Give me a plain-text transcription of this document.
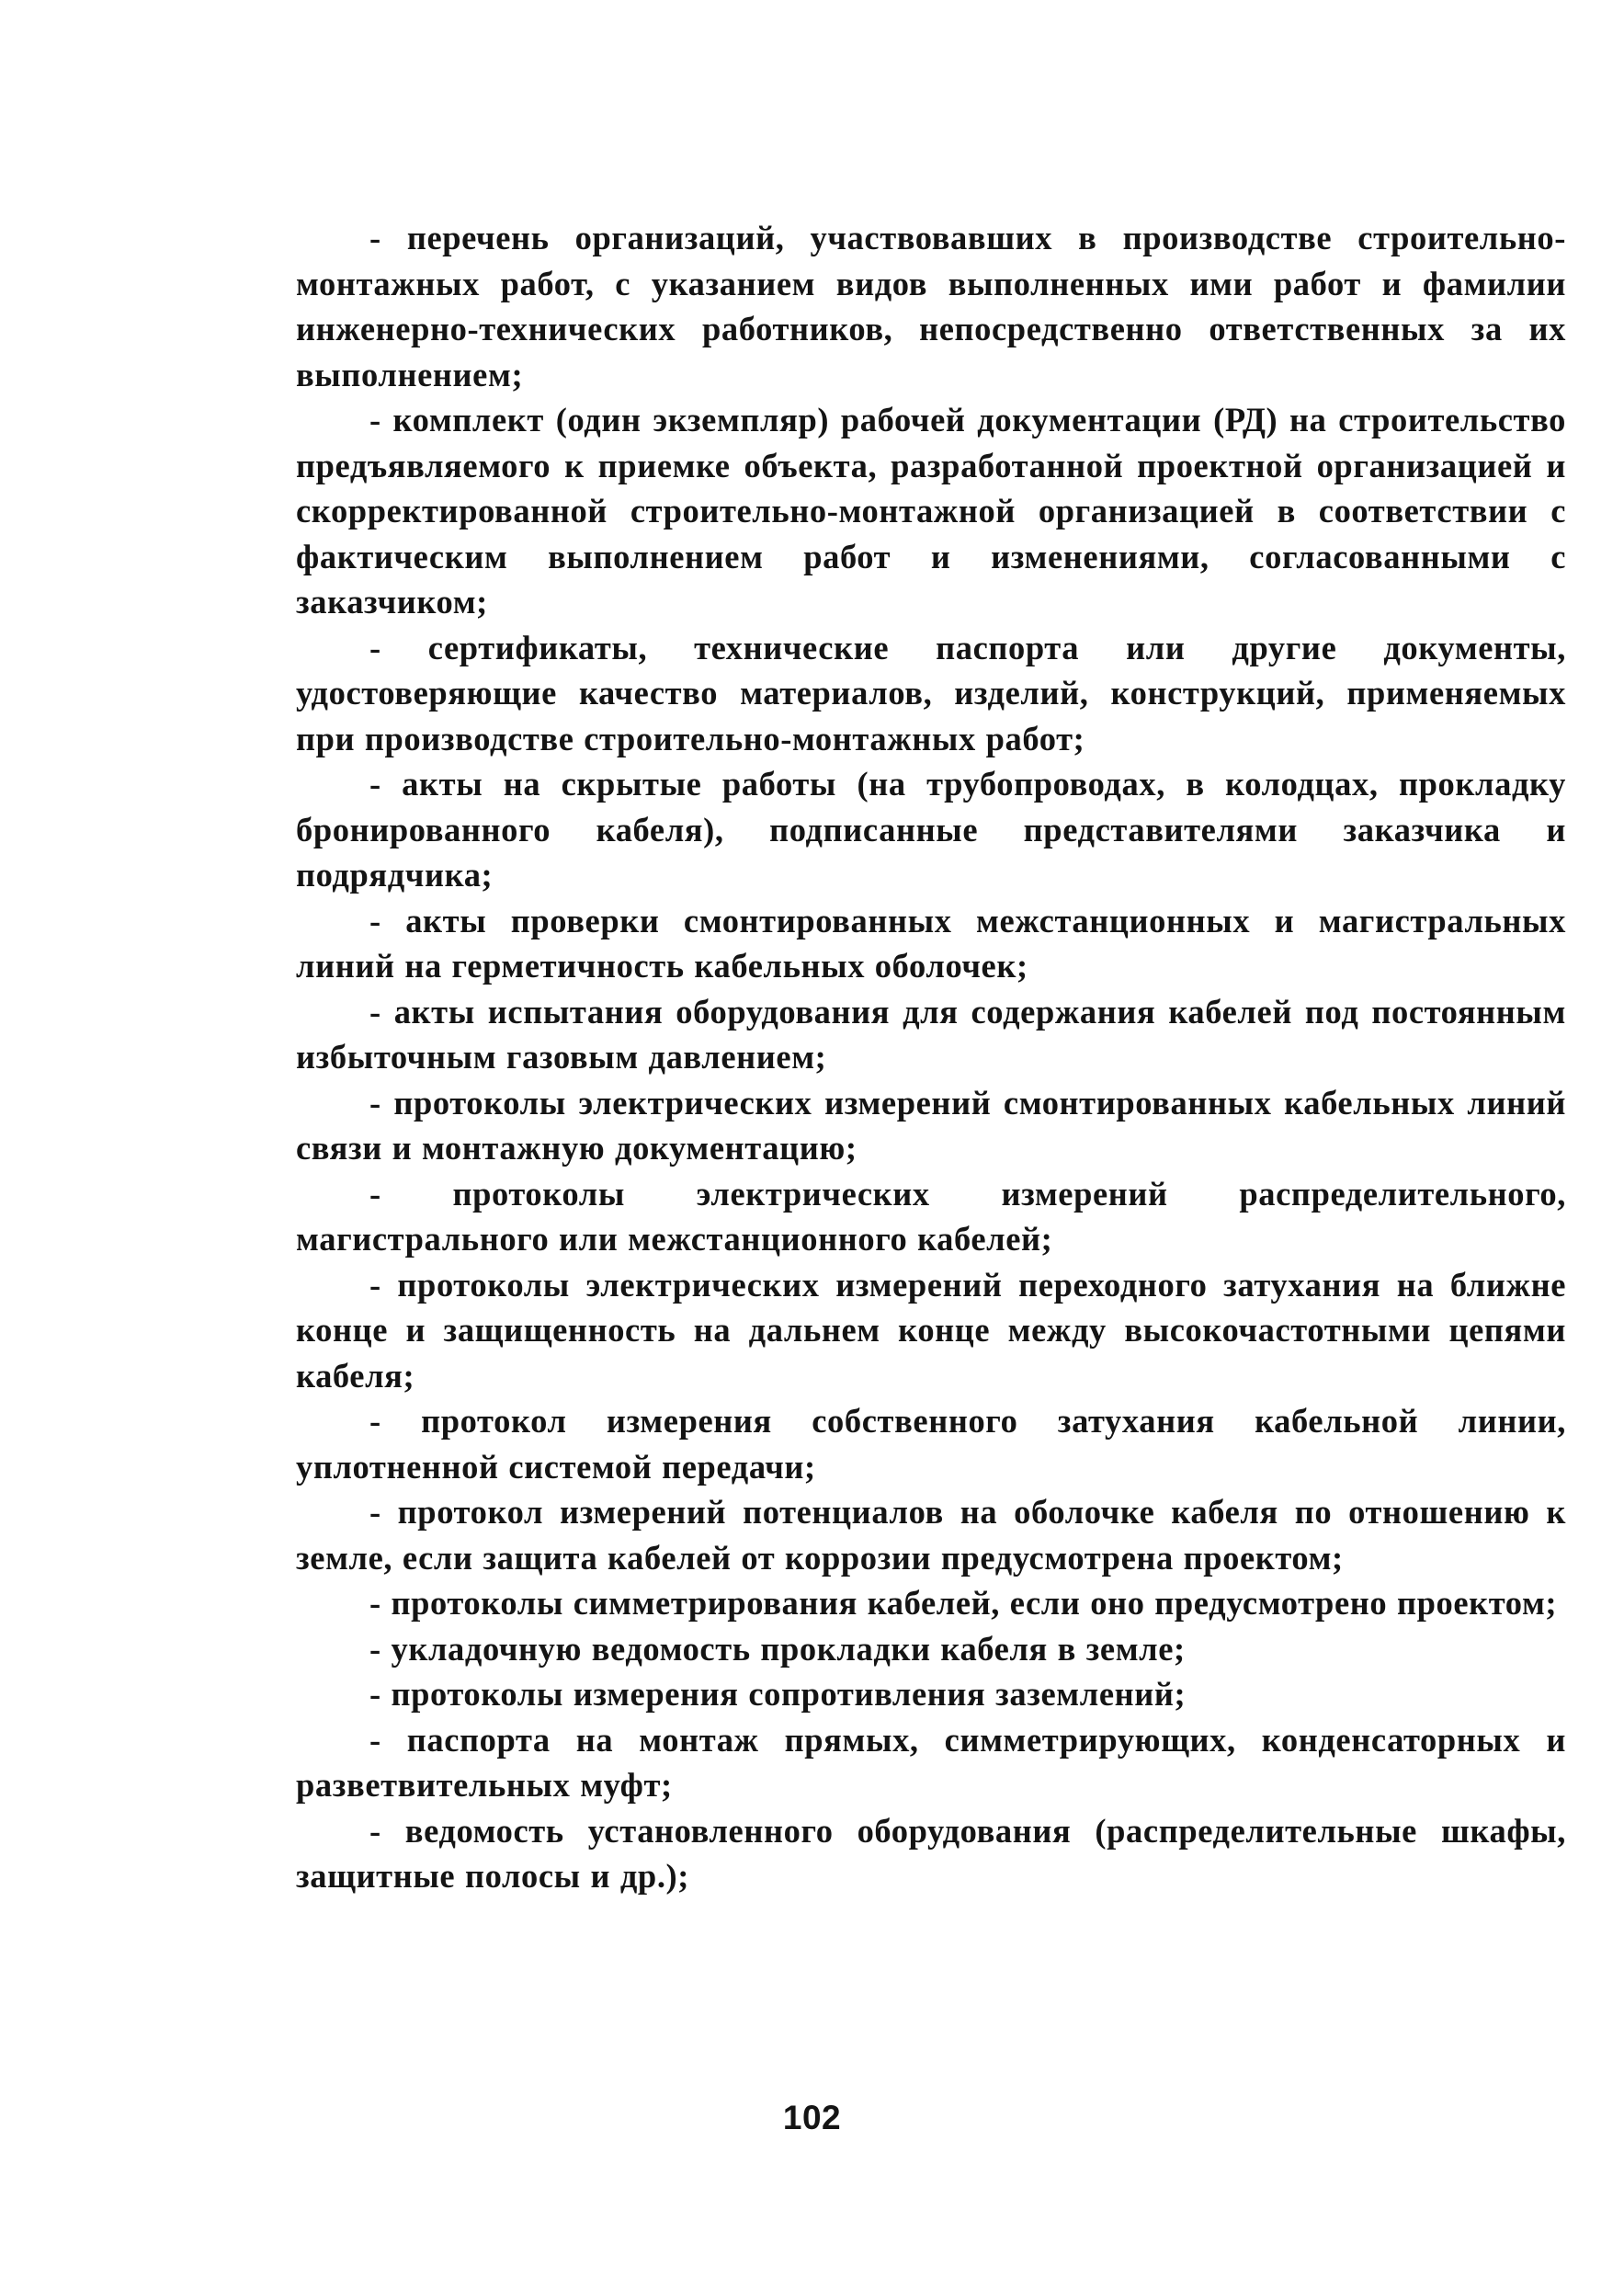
- перечень организаций, участвовавших в производстве строительно-монтажных работ, с указанием видов выполненных ими работ и фамилии инженерно-технических работников, непосредственно ответственных за их выполнением;

- комплект (один экземпляр) рабочей документации (РД) на строительство предъявляемого к приемке объекта, разработанной проектной организацией и скорректированной строительно-монтажной организацией в соответствии с фактическим выполнением работ и изменениями, согласованными с заказчиком;

- сертификаты, технические паспорта или другие документы, удостоверяющие качество материалов, изделий, конструкций, применяемых при производстве строительно-монтажных работ;

- акты на скрытые работы (на трубопроводах, в колодцах, прокладку бронированного кабеля), подписанные представителями заказчика и подрядчика;

- акты проверки смонтированных межстанционных и магистральных линий на герметичность кабельных оболочек;

- акты испытания оборудования для содержания кабелей под постоянным избыточным газовым давлением;

- протоколы электрических измерений смонтированных кабельных линий связи и монтажную документацию;

- протоколы электрических измерений распределительного, магистрального или межстанционного кабелей;

- протоколы электрических измерений переходного затухания на ближне конце и защищенность на дальнем конце между высокочастотными цепями кабеля;

- протокол измерения собственного затухания кабельной линии, уплотненной системой передачи;

- протокол измерений потенциалов на оболочке кабеля по отношению к земле, если защита кабелей от коррозии предусмотрена проектом;

- протоколы симметрирования кабелей, если оно предусмотрено проектом;

- укладочную ведомость прокладки кабеля в земле;

- протоколы измерения сопротивления заземлений;

- паспорта на монтаж прямых, симметрирующих, конденсаторных и разветвительных муфт;

- ведомость установленного оборудования (распределительные шкафы, защитные полосы и др.);

102
